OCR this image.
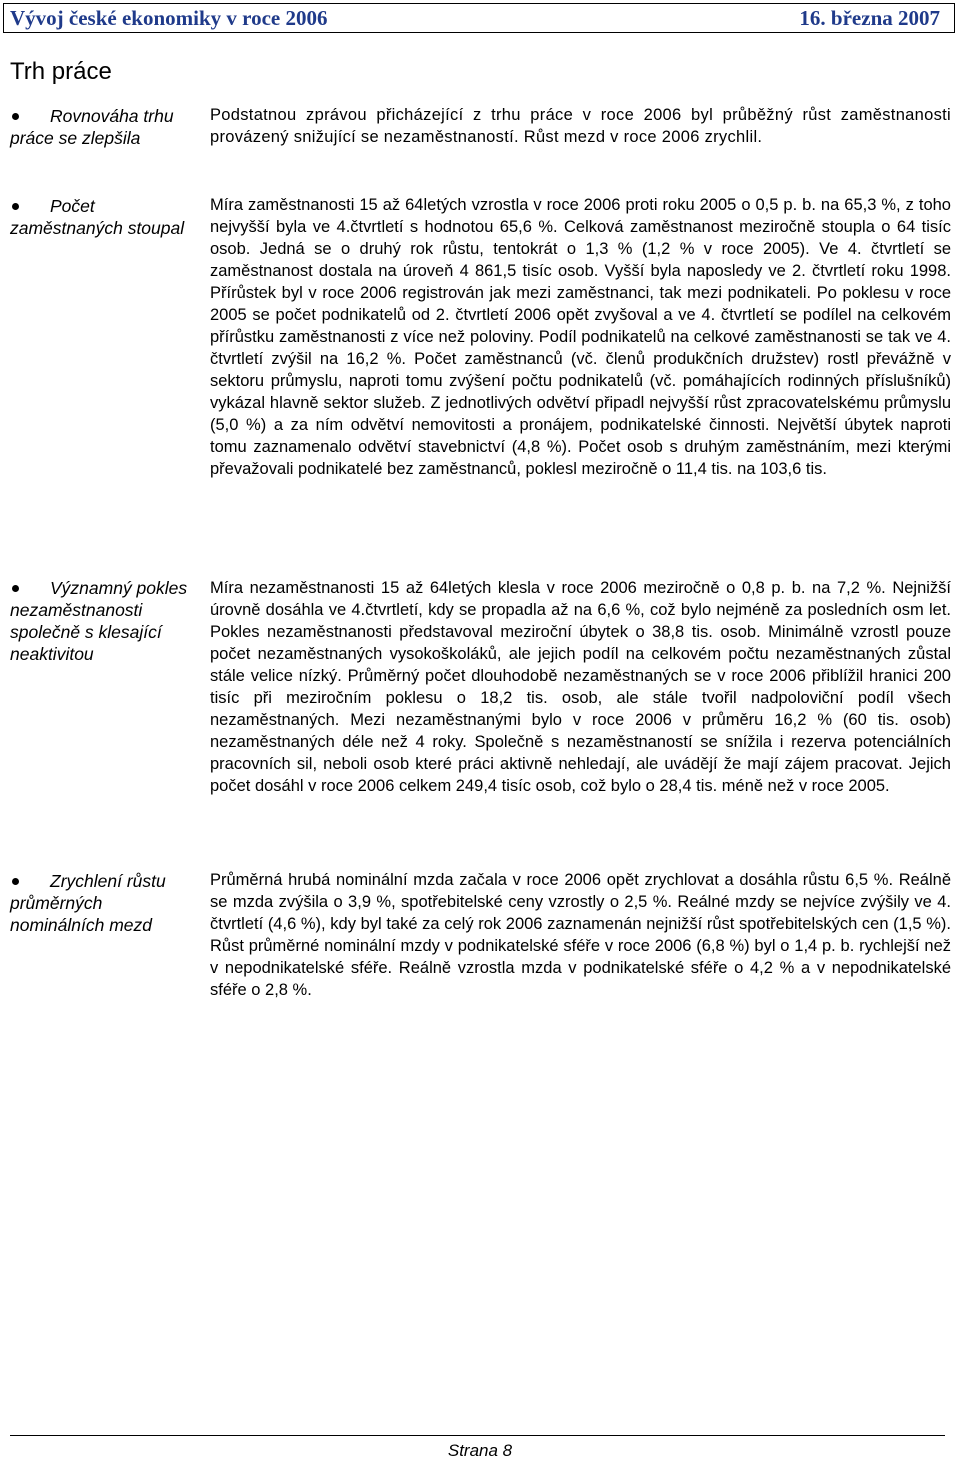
Vývoj české ekonomiky v roce 2006	16. března 2007
Trh práce
Rovnováha trhu práce se zlepšila
Počet zaměstnaných stoupal
Významný pokles nezaměstnanosti společně s klesající neaktivitou
Zrychlení růstu průměrných nominálních mezd

Podstatnou zprávou přicházející z trhu práce v roce 2006 byl průběžný růst zaměstnanosti provázený snižující se nezaměstnaností. Růst mezd v roce 2006 zrychlil.

Míra zaměstnanosti 15 až 64letých vzrostla v roce 2006 proti roku 2005 o 0,5 p. b. na 65,3 %, z toho nejvyšší byla ve 4.čtvrtletí s hodnotou 65,6 %. Celková zaměstnanost meziročně stoupla o 64 tisíc osob. Jedná se o druhý rok růstu, tentokrát o 1,3 % (1,2 % v roce 2005). Ve 4. čtvrtletí se zaměstnanost dostala na úroveň 4 861,5 tisíc osob. Vyšší byla naposledy ve 2. čtvrtletí roku 1998. Přírůstek byl v roce 2006 registrován jak mezi zaměstnanci, tak mezi podnikateli. Po poklesu v roce 2005 se počet podnikatelů od 2. čtvrtletí 2006 opět zvyšoval a ve 4. čtvrtletí se podílel na celkovém přírůstku zaměstnanosti z více než poloviny. Podíl podnikatelů na celkové zaměstnanosti se tak ve 4. čtvrtletí zvýšil na 16,2 %. Počet zaměstnanců (vč. členů produkčních družstev) rostl převážně v sektoru průmyslu, naproti tomu zvýšení počtu podnikatelů (vč. pomáhajících rodinných příslušníků) vykázal hlavně sektor služeb. Z jednotlivých odvětví připadl nejvyšší růst zpracovatelskému průmyslu (5,0 %) a za ním odvětví nemovitosti a pronájem, podnikatelské činnosti. Největší úbytek naproti tomu zaznamenalo odvětví stavebnictví (4,8 %). Počet osob s druhým zaměstnáním, mezi kterými převažovali podnikatelé bez zaměstnanců, poklesl meziročně o 11,4 tis. na 103,6 tis.

Míra nezaměstnanosti 15 až 64letých klesla v roce 2006 meziročně o 0,8 p. b. na 7,2 %. Nejnižší úrovně dosáhla ve 4.čtvrtletí, kdy se propadla až na 6,6 %, což bylo nejméně za posledních osm let. Pokles nezaměstnanosti představoval meziroční úbytek o 38,8 tis. osob. Minimálně vzrostl pouze počet nezaměstnaných vysokoškoláků, ale jejich podíl na celkovém počtu nezaměstnaných zůstal stále velice nízký. Průměrný počet dlouhodobě nezaměstnaných se v roce 2006 přiblížil hranici 200 tisíc při meziročním poklesu o 18,2 tis. osob, ale stále tvořil nadpoloviční podíl všech nezaměstnaných. Mezi nezaměstnanými bylo v roce 2006 v průměru 16,2 % (60 tis. osob) nezaměstnaných déle než 4 roky. Společně s nezaměstnaností se snížila i rezerva potenciálních pracovních sil, neboli osob které práci aktivně nehledají, ale uvádějí že mají zájem pracovat. Jejich počet dosáhl v roce 2006 celkem 249,4 tisíc osob, což bylo o 28,4 tis. méně než v roce 2005.

Průměrná hrubá nominální mzda začala v roce 2006 opět zrychlovat a dosáhla růstu 6,5 %. Reálně se mzda zvýšila o 3,9 %, spotřebitelské ceny vzrostly o 2,5 %. Reálné mzdy se nejvíce zvýšily ve 4. čtvrtletí (4,6 %), kdy byl také za celý rok 2006 zaznamenán nejnižší růst spotřebitelských cen (1,5 %). Růst průměrné nominální mzdy v podnikatelské sféře v roce 2006 (6,8 %) byl o 1,4 p. b. rychlejší než v nepodnikatelské sféře. Reálně vzrostla mzda v podnikatelské sféře o 4,2 % a v nepodnikatelské sféře o 2,8 %.

Strana 8
